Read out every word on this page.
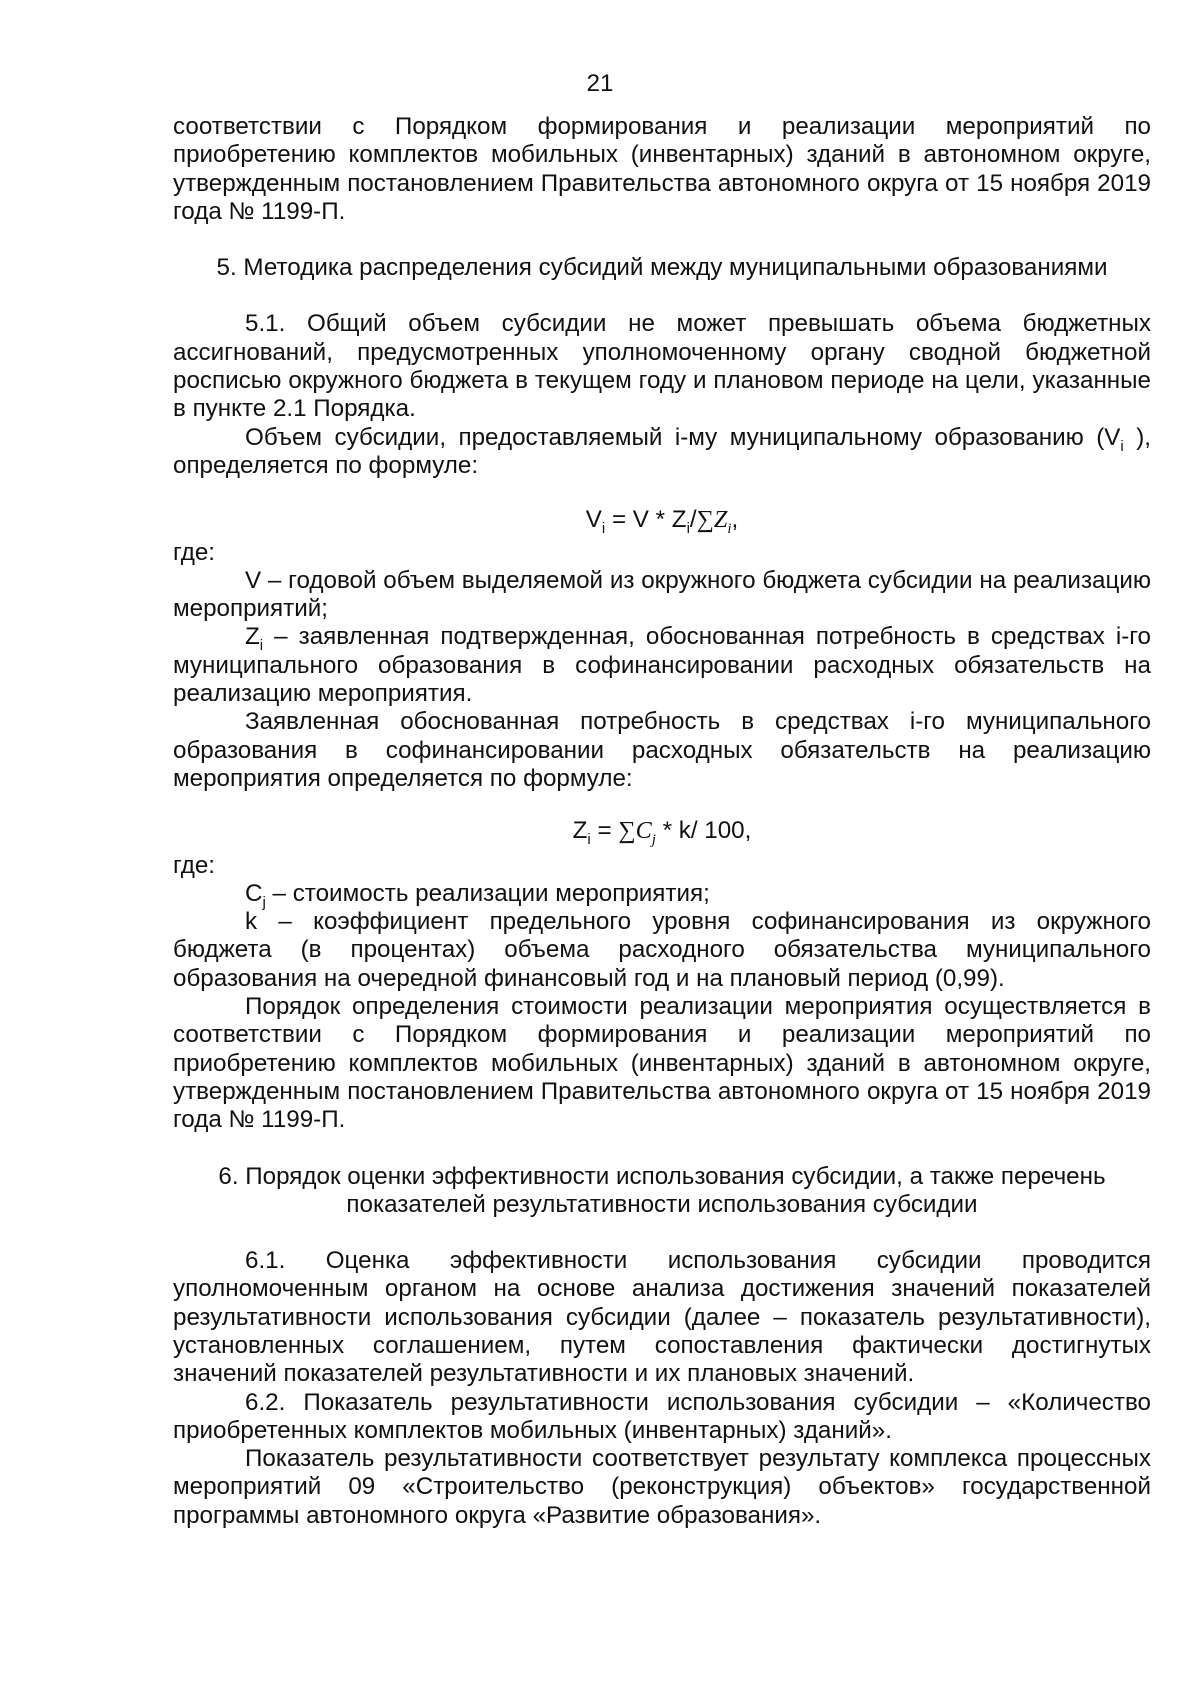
21

соответствии с Порядком формирования и реализации мероприятий по приобретению комплектов мобильных (инвентарных) зданий в автономном округе, утвержденным постановлением Правительства автономного округа от 15 ноября 2019 года № 1199-П.

5. Методика распределения субсидий между муниципальными образованиями

5.1. Общий объем субсидии не может превышать объема бюджетных ассигнований, предусмотренных уполномоченному органу сводной бюджетной росписью окружного бюджета в текущем году и плановом периоде на цели, указанные в пункте 2.1 Порядка.

Объем субсидии, предоставляемый i-му муниципальному образованию ($V_i$ ), определяется по формуле:

$V_i = V * Z_i/\sum Z_i$,

где:

V – годовой объем выделяемой из окружного бюджета субсидии на реализацию мероприятий;

$Z_i$ – заявленная подтвержденная, обоснованная потребность в средствах i-го муниципального образования в софинансировании расходных обязательств на реализацию мероприятия.

Заявленная обоснованная потребность в средствах i-го муниципального образования в софинансировании расходных обязательств на реализацию мероприятия определяется по формуле:

$Z_i = \sum C_j * k/$ 100,

где:

$C_j$ – стоимость реализации мероприятия;

k – коэффициент предельного уровня софинансирования из окружного бюджета (в процентах) объема расходного обязательства муниципального образования на очередной финансовый год и на плановый период (0,99).

Порядок определения стоимости реализации мероприятия осуществляется в соответствии с Порядком формирования и реализации мероприятий по приобретению комплектов мобильных (инвентарных) зданий в автономном округе, утвержденным постановлением Правительства автономного округа от 15 ноября 2019 года № 1199-П.

6. Порядок оценки эффективности использования субсидии, а также перечень

показателей результативности использования субсидии

6.1. Оценка эффективности использования субсидии проводится уполномоченным органом на основе анализа достижения значений показателей результативности использования субсидии (далее – показатель результативности), установленных соглашением, путем сопоставления фактически достигнутых значений показателей результативности и их плановых значений.

6.2. Показатель результативности использования субсидии – «Количество приобретенных комплектов мобильных (инвентарных) зданий».

Показатель результативности соответствует результату комплекса процессных мероприятий 09 «Строительство (реконструкция) объектов» государственной программы автономного округа «Развитие образования».
